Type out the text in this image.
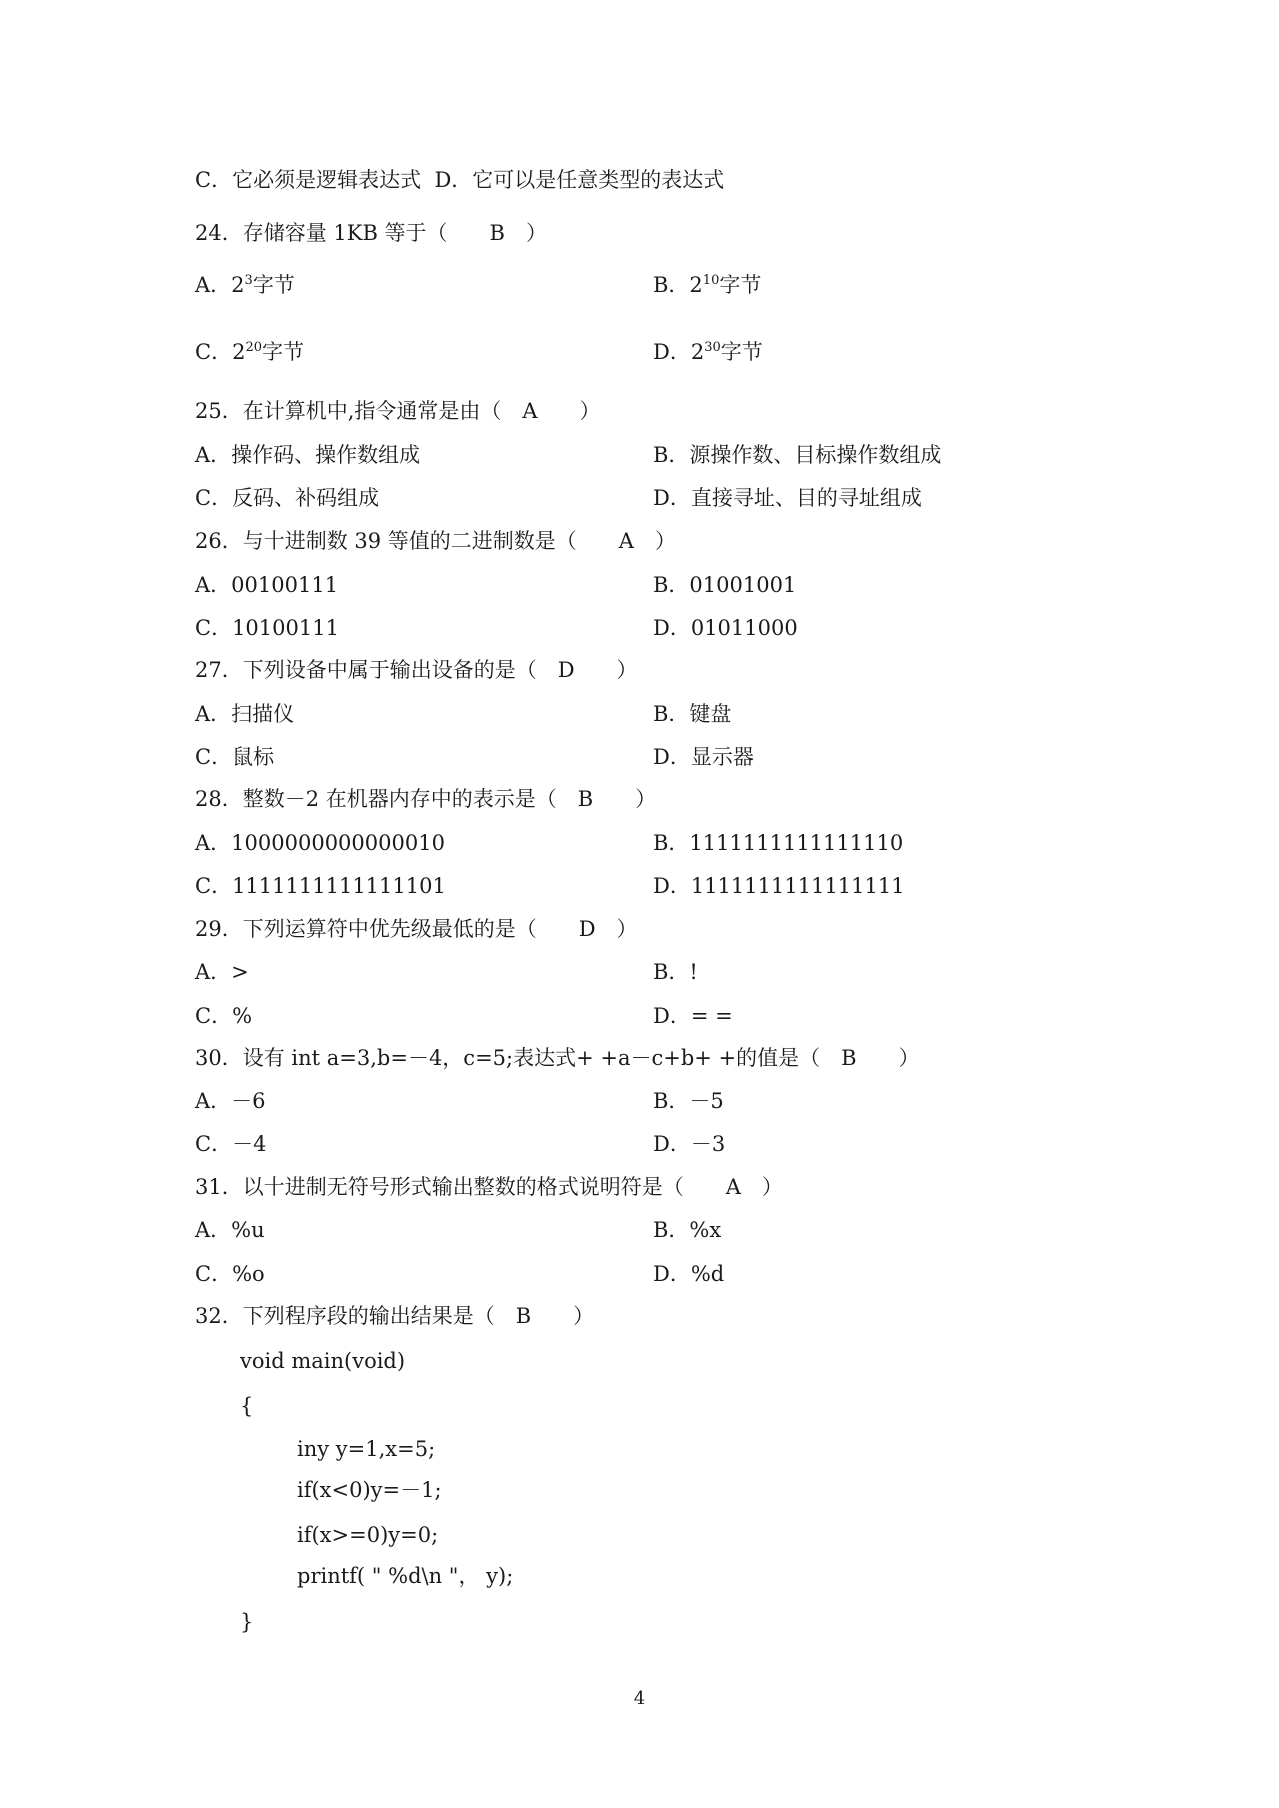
C．它必须是逻辑表达式 D．它可以是任意类型的表达式
24．存储容量 1KB 等于（　　B　）
A．$2^3$字节	B．$2^{10}$字节
C．$2^{20}$字节	D．$2^{30}$字节
25．在计算机中,指令通常是由（　A　　）
A．操作码、操作数组成	B．源操作数、目标操作数组成
C．反码、补码组成	D．直接寻址、目的寻址组成
26．与十进制数 39 等值的二进制数是（　　A　）
A．00100111	B．01001001
C．10100111	D．01011000
27．下列设备中属于输出设备的是（　D　　）
A．扫描仪	B．键盘
C．鼠标	D．显示器
28．整数－2 在机器内存中的表示是（　B　　）
A．1000000000000010	B．1111111111111110
C．1111111111111101	D．1111111111111111
29．下列运算符中优先级最低的是（　　D　）
A．>	B．!
C．%	D．= =
30．设有 int a=3,b=－4，c=5;表达式+ +a－c+b+ +的值是（　B　　）
A．－6	B．－5
C．－4	D．－3
31．以十进制无符号形式输出整数的格式说明符是（　　A　）
A．%u	B．%x
C．%o	D．%d
32．下列程序段的输出结果是（　B　　）
void main(void)
{
iny y=1,x=5;
if(x<0)y=－1;
if(x>=0)y=0;
printf( " %d\n "， y);
}
4
